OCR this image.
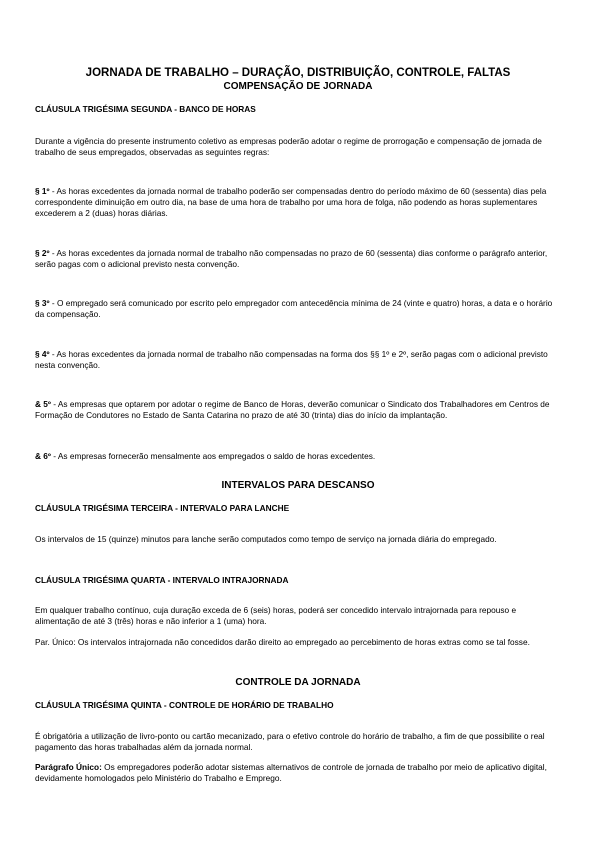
JORNADA DE TRABALHO – DURAÇÃO, DISTRIBUIÇÃO, CONTROLE, FALTAS
COMPENSAÇÃO DE JORNADA
CLÁUSULA TRIGÉSIMA SEGUNDA - BANCO DE HORAS
Durante a vigência do presente instrumento coletivo as empresas poderão adotar o regime de prorrogação e compensação de jornada de trabalho de seus empregados, observadas as seguintes regras:
§ 1º - As horas excedentes da jornada normal de trabalho poderão ser compensadas dentro do período máximo de 60 (sessenta) dias pela correspondente diminuição em outro dia, na base de uma hora de trabalho por uma hora de folga, não podendo as horas suplementares excederem a 2 (duas) horas diárias.
§ 2º - As horas excedentes da jornada normal de trabalho não compensadas no prazo de 60 (sessenta) dias conforme o parágrafo anterior, serão pagas com o adicional previsto nesta convenção.
§ 3º - O empregado será comunicado por escrito pelo empregador com antecedência mínima de 24 (vinte e quatro) horas, a data e o horário da compensação.
§ 4º - As horas excedentes da jornada normal de trabalho não compensadas na forma dos §§ 1º e 2º, serão pagas com o adicional previsto nesta convenção.
& 5º - As empresas que optarem por adotar o regime de Banco de Horas, deverão comunicar o Sindicato dos Trabalhadores em Centros de Formação de Condutores no Estado de Santa Catarina no prazo de até 30 (trinta) dias do início da implantação.
& 6º - As empresas fornecerão mensalmente aos empregados o saldo de horas excedentes.
INTERVALOS PARA DESCANSO
CLÁUSULA TRIGÉSIMA TERCEIRA - INTERVALO PARA LANCHE
Os intervalos de 15 (quinze) minutos para lanche serão computados como tempo de serviço na jornada diária do empregado.
CLÁUSULA TRIGÉSIMA QUARTA - INTERVALO INTRAJORNADA
Em qualquer trabalho contínuo, cuja duração exceda de 6 (seis) horas, poderá ser concedido intervalo intrajornada para repouso e alimentação de até 3 (três) horas e não inferior a 1 (uma) hora.
Par. Único: Os intervalos intrajornada não concedidos darão direito ao empregado ao percebimento de horas extras como se tal fosse.
CONTROLE DA JORNADA
CLÁUSULA TRIGÉSIMA QUINTA - CONTROLE DE HORÁRIO DE TRABALHO
É obrigatória a utilização de livro-ponto ou cartão mecanizado, para o efetivo controle do horário de trabalho, a fim de que possibilite o real pagamento das horas trabalhadas além da jornada normal.
Parágrafo Único: Os empregadores poderão adotar sistemas alternativos de controle de jornada de trabalho por meio de aplicativo digital, devidamente homologados pelo Ministério do Trabalho e Emprego.
